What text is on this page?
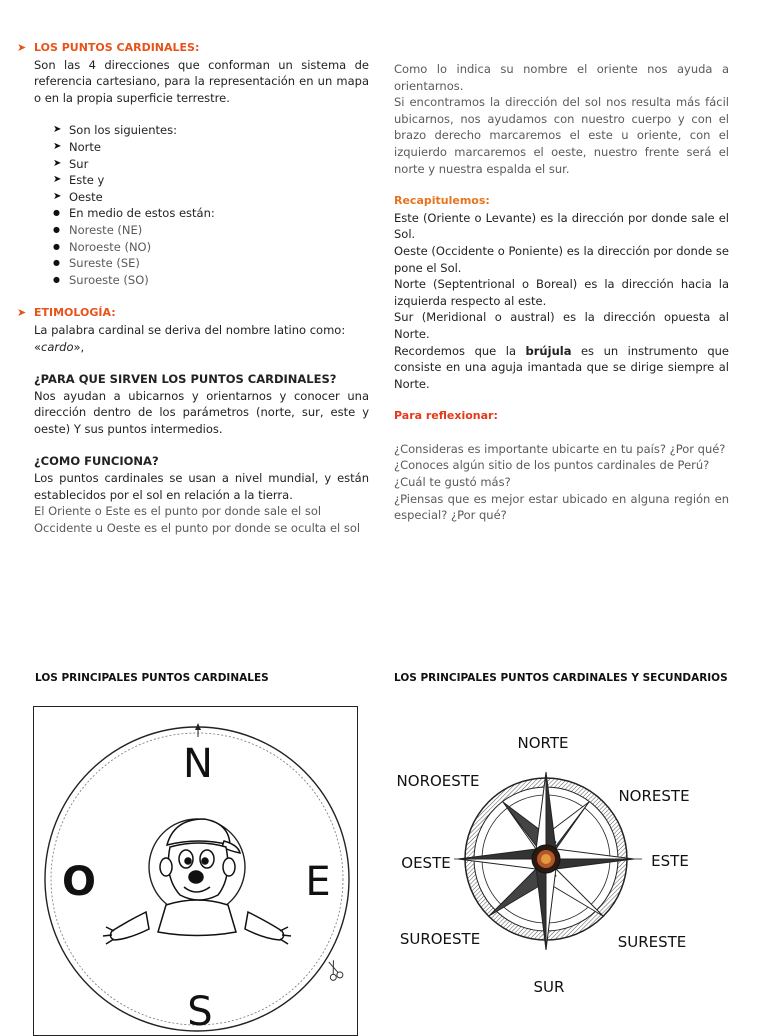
➤ LOS PUNTOS CARDINALES:

Son las 4 direcciones que conforman un sistema de referencia cartesiano, para la representación en un mapa o en la propia superficie terrestre.

➤ Son los siguientes:
➤ Norte
➤ Sur
➤ Este y
➤ Oeste
● En medio de estos están:
● Noreste (NE)
● Noroeste (NO)
● Sureste (SE)
● Suroeste (SO)
➤ ETIMOLOGÍA:

La palabra cardinal se deriva del nombre latino como:

«cardo»,

¿PARA QUE SIRVEN LOS PUNTOS CARDINALES?

Nos ayudan a ubicarnos y orientarnos y conocer una dirección dentro de los parámetros (norte, sur, este y oeste) Y sus puntos intermedios.

¿COMO FUNCIONA?

Los puntos cardinales se usan a nivel mundial, y están establecidos por el sol en relación a la tierra.

El Oriente o Este es el punto por donde sale el sol

Occidente u Oeste es el punto por donde se oculta el sol

Como lo indica su nombre el oriente nos ayuda a orientarnos.

Si encontramos la dirección del sol nos resulta más fácil ubicarnos, nos ayudamos con nuestro cuerpo y con el brazo derecho marcaremos el este u oriente, con el izquierdo marcaremos el oeste, nuestro frente será el norte y nuestra espalda el sur.

Recapitulemos:

Este (Oriente o Levante) es la dirección por donde sale el Sol.

Oeste (Occidente o Poniente) es la dirección por donde se pone el Sol.

Norte (Septentrional o Boreal) es la dirección hacia la izquierda respecto al este.

Sur (Meridional o austral) es la dirección opuesta al Norte.

Recordemos que la brújula es un instrumento que consiste en una aguja imantada que se dirige siempre al Norte.

Para reflexionar:

¿Consideras es importante ubicarte en tu país? ¿Por qué?

¿Conoces algún sitio de los puntos cardinales de Perú?

¿Cuál te gustó más?

¿Piensas que es mejor estar ubicado en alguna región en especial? ¿Por qué?

LOS PRINCIPALES PUNTOS CARDINALES	LOS PRINCIPALES PUNTOS CARDINALES Y SECUNDARIOS
N
O	E
S
NORTE
NOROESTE
NORESTE
OESTE	ESTE
SUROESTE	SURESTE
SUR
